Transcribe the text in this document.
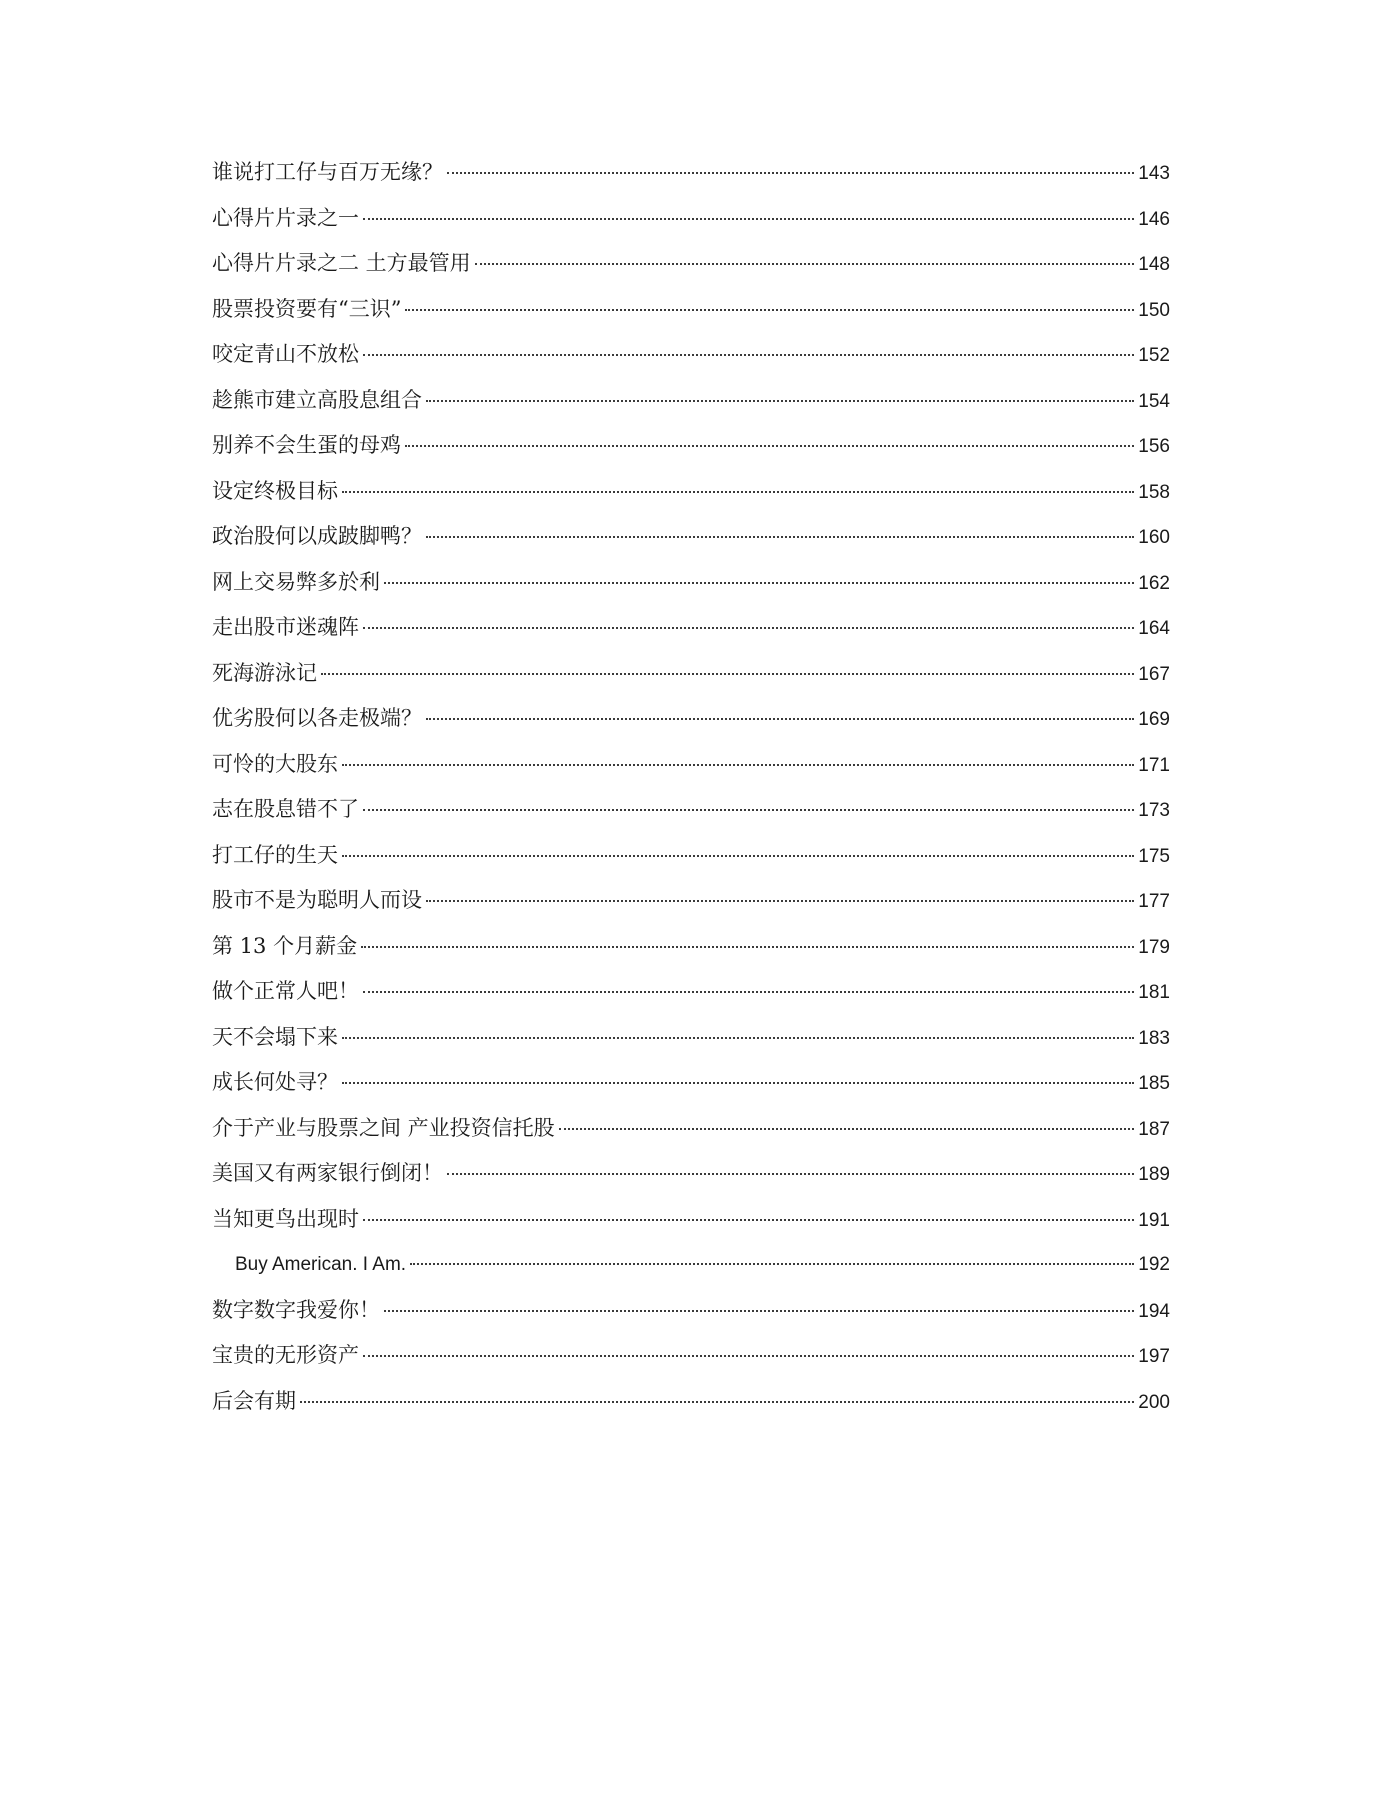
谁说打工仔与百万无缘？	143
心得片片录之一	146
心得片片录之二 土方最管用	148
股票投资要有“三识”	150
咬定青山不放松	152
趁熊市建立高股息组合	154
别养不会生蛋的母鸡	156
设定终极目标	158
政治股何以成跛脚鸭？	160
网上交易弊多於利	162
走出股市迷魂阵	164
死海游泳记	167
优劣股何以各走极端？	169
可怜的大股东	171
志在股息错不了	173
打工仔的生天	175
股市不是为聪明人而设	177
第 13 个月薪金	179
做个正常人吧！	181
天不会塌下来	183
成长何处寻？	185
介于产业与股票之间 产业投资信托股	187
美国又有两家银行倒闭！	189
当知更鸟出现时	191
Buy American. I Am.	192
数字数字我爱你！	194
宝贵的无形资产	197
后会有期	200
